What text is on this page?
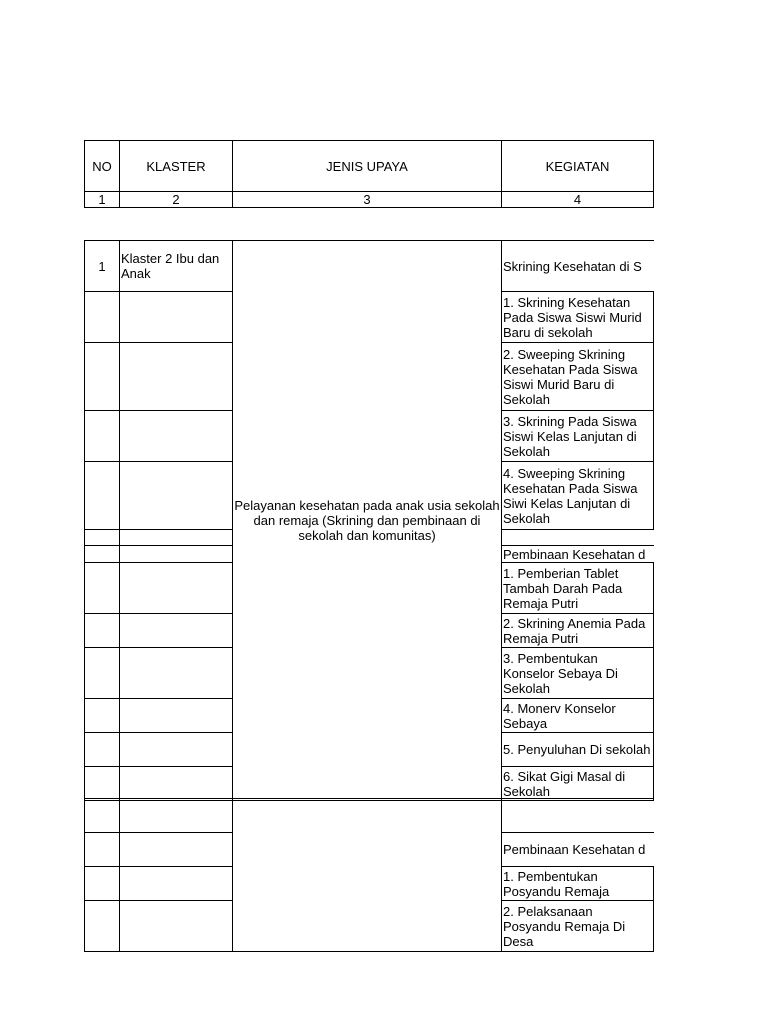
NO	KLASTER	JENIS UPAYA	KEGIATAN
1	2	3	4
1	Klaster 2 Ibu dan Anak	Pelayanan kesehatan pada anak usia sekolah dan remaja (Skrining dan pembinaan di sekolah dan komunitas)	Skrining Kesehatan di S
			1. Skrining Kesehatan Pada Siswa Siswi Murid Baru di sekolah
			2. Sweeping Skrining Kesehatan Pada Siswa Siswi Murid Baru di Sekolah
			3. Skrining Pada Siswa Siswi Kelas Lanjutan di Sekolah
			4. Sweeping Skrining Kesehatan Pada Siswa Siwi Kelas Lanjutan di Sekolah

			Pembinaan Kesehatan d
			1. Pemberian Tablet Tambah Darah Pada Remaja Putri
			2. Skrining Anemia Pada Remaja Putri
			3. Pembentukan Konselor Sebaya Di Sekolah
			4. Monerv Konselor Sebaya
			5. Penyuluhan Di sekolah
			6. Sikat Gigi Masal di Sekolah

			Pembinaan Kesehatan d
			1. Pembentukan Posyandu Remaja
			2. Pelaksanaan Posyandu Remaja Di Desa
